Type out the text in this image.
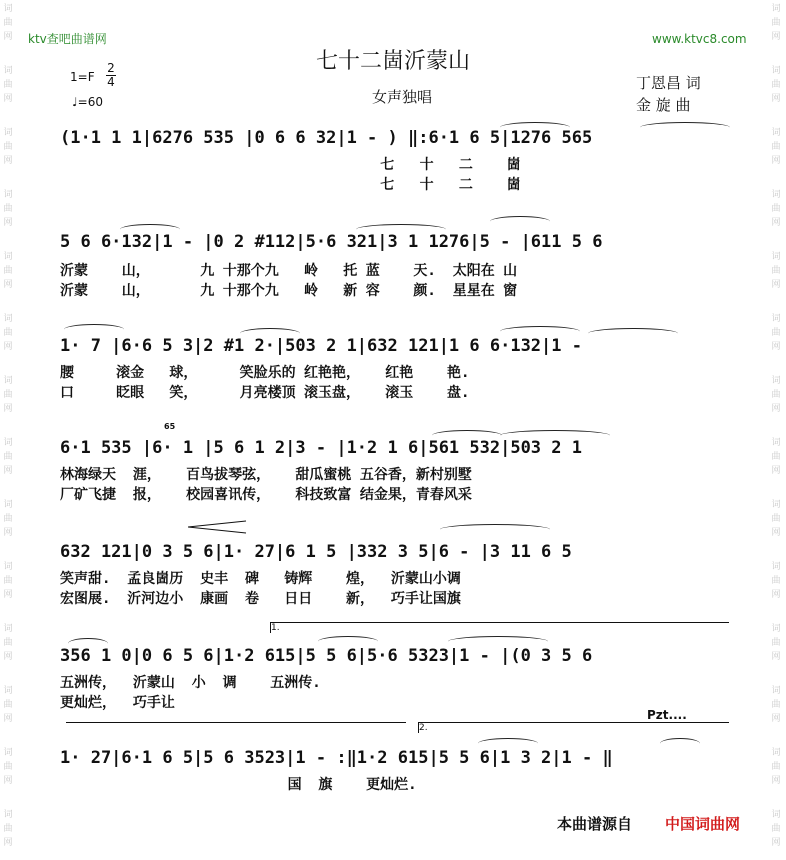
词
曲
网
词
曲
网
词
曲
网
词
曲
网
词
曲
网
词
曲
网
词
曲
网
词
曲
网
词
曲
网
词
曲
网
词
曲
网
词
曲
网
词
曲
网
词
曲
网
词
曲
网
词
曲
网
词
曲
网
词
曲
网
词
曲
网
词
曲
网
词
曲
网
词
曲
网
词
曲
网
词
曲
网
词
曲
网
词
曲
网
词
曲
网
词
曲
网
ktv查吧曲谱网	www.ktvc8.com
七十二崮沂蒙山
女声独唱
丁恩昌 词
金 旋 曲
1=F
2
4
♩=60
(1·1 1 1|6276 535 |0 6 6 32|1 - ) ‖:6·1 6 5|1276 565
七   十   二    崮
七   十   二    崮
5 6 6·132|1 - |0 2 #112|5·6 321|3 1 1276|5 - |611 5 6
沂蒙    山，      九 十那个九   岭   托 蓝    天.  太阳在 山
沂蒙    山，      九 十那个九   岭   新 容    颜.  星星在 窗
1· 7 |6·6 5 3|2 #1 2·|503 2 1|632 121|1 6 6·132|1 -
腰     滚金   球，     笑脸乐的 红艳艳，   红艳    艳.
口     眨眼   笑，     月亮楼顶 滚玉盘，   滚玉    盘.
65
6·1 535 |6· 1 |5 6 1 2|3 - |1·2 1 6|561 532|503 2 1
林海绿天  涯，   百鸟拔琴弦，   甜瓜蜜桃 五谷香，新村别墅
厂矿飞捷  报，   校园喜讯传，   科技致富 结金果，青春风采
632 121|0 3 5 6|1· 27|6 1 5 |332 3 5|6 - |3 11 6 5
笑声甜.  孟良崮历  史丰  碑   铸辉    煌，  沂蒙山小调
宏图展.  沂河边小  康画  卷   日日    新，  巧手让国旗
1.
356 1 0|0 6 5 6|1·2 615|5 5 6|5·6 5323|1 - |(0 3 5 6
五洲传，  沂蒙山  小  调    五洲传.
更灿烂，  巧手让
Pzt....
2.
1· 27|6·1 6 5|5 6 3523|1 - :‖1·2 615|5 5 6|1 3 2|1 - ‖
国  旗    更灿烂.
本曲谱源自 中国词曲网
